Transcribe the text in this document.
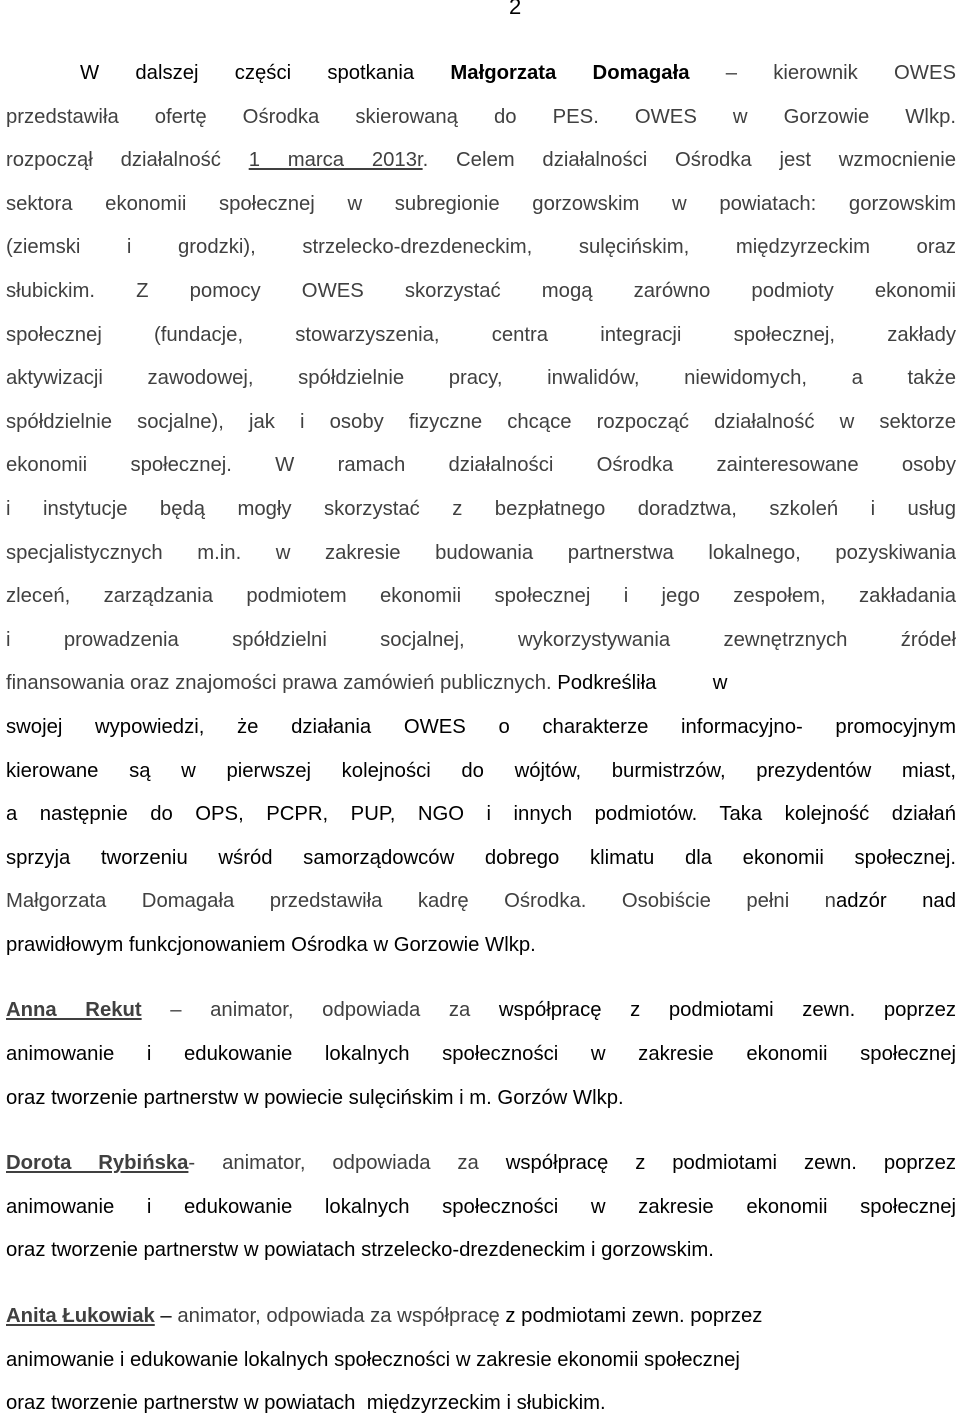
2

W dalszej części spotkania Małgorzata Domagała – kierownik OWES
przedstawiła ofertę Ośrodka skierowaną do PES. OWES w Gorzowie Wlkp.
rozpoczął działalność 1 marca 2013r. Celem działalności Ośrodka jest wzmocnienie
sektora ekonomii społecznej w subregionie gorzowskim w powiatach: gorzowskim
(ziemski i grodzki), strzelecko-drezdeneckim, sulęcińskim, międzyrzeckim oraz
słubickim. Z pomocy OWES skorzystać mogą zarówno podmioty ekonomii
społecznej (fundacje, stowarzyszenia, centra integracji społecznej, zakłady
aktywizacji zawodowej, spółdzielnie pracy, inwalidów, niewidomych, a także
spółdzielnie socjalne), jak i osoby fizyczne chcące rozpocząć działalność w sektorze
ekonomii społecznej. W ramach działalności Ośrodka zainteresowane osoby
i instytucje będą mogły skorzystać z bezpłatnego doradztwa, szkoleń i usług
specjalistycznych m.in. w zakresie budowania partnerstwa lokalnego, pozyskiwania
zleceń, zarządzania podmiotem ekonomii społecznej i jego zespołem, zakładania
i prowadzenia spółdzielni socjalnej, wykorzystywania zewnętrznych źródeł
finansowania oraz znajomości prawa zamówień publicznych. Podkreśliła          w
swojej wypowiedzi, że działania OWES o charakterze informacyjno- promocyjnym
kierowane są w pierwszej kolejności do wójtów, burmistrzów, prezydentów miast,
a następnie do OPS, PCPR, PUP, NGO i innych podmiotów. Taka kolejność działań
sprzyja tworzeniu wśród samorządowców dobrego klimatu dla ekonomii społecznej.
Małgorzata Domagała przedstawiła kadrę Ośrodka. Osobiście pełni nadzór nad
prawidłowym funkcjonowaniem Ośrodka w Gorzowie Wlkp.

Anna Rekut – animator, odpowiada za współpracę z podmiotami zewn. poprzez
animowanie i edukowanie lokalnych społeczności w zakresie ekonomii społecznej
oraz tworzenie partnerstw w powiecie sulęcińskim i m. Gorzów Wlkp.

Dorota Rybińska- animator, odpowiada za współpracę z podmiotami zewn. poprzez
animowanie i edukowanie lokalnych społeczności w zakresie ekonomii społecznej
oraz tworzenie partnerstw w powiatach strzelecko-drezdeneckim i gorzowskim.

Anita Łukowiak – animator, odpowiada za współpracę z podmiotami zewn. poprzez
animowanie i edukowanie lokalnych społeczności w zakresie ekonomii społecznej
oraz tworzenie partnerstw w powiatach  międzyrzeckim i słubickim.
